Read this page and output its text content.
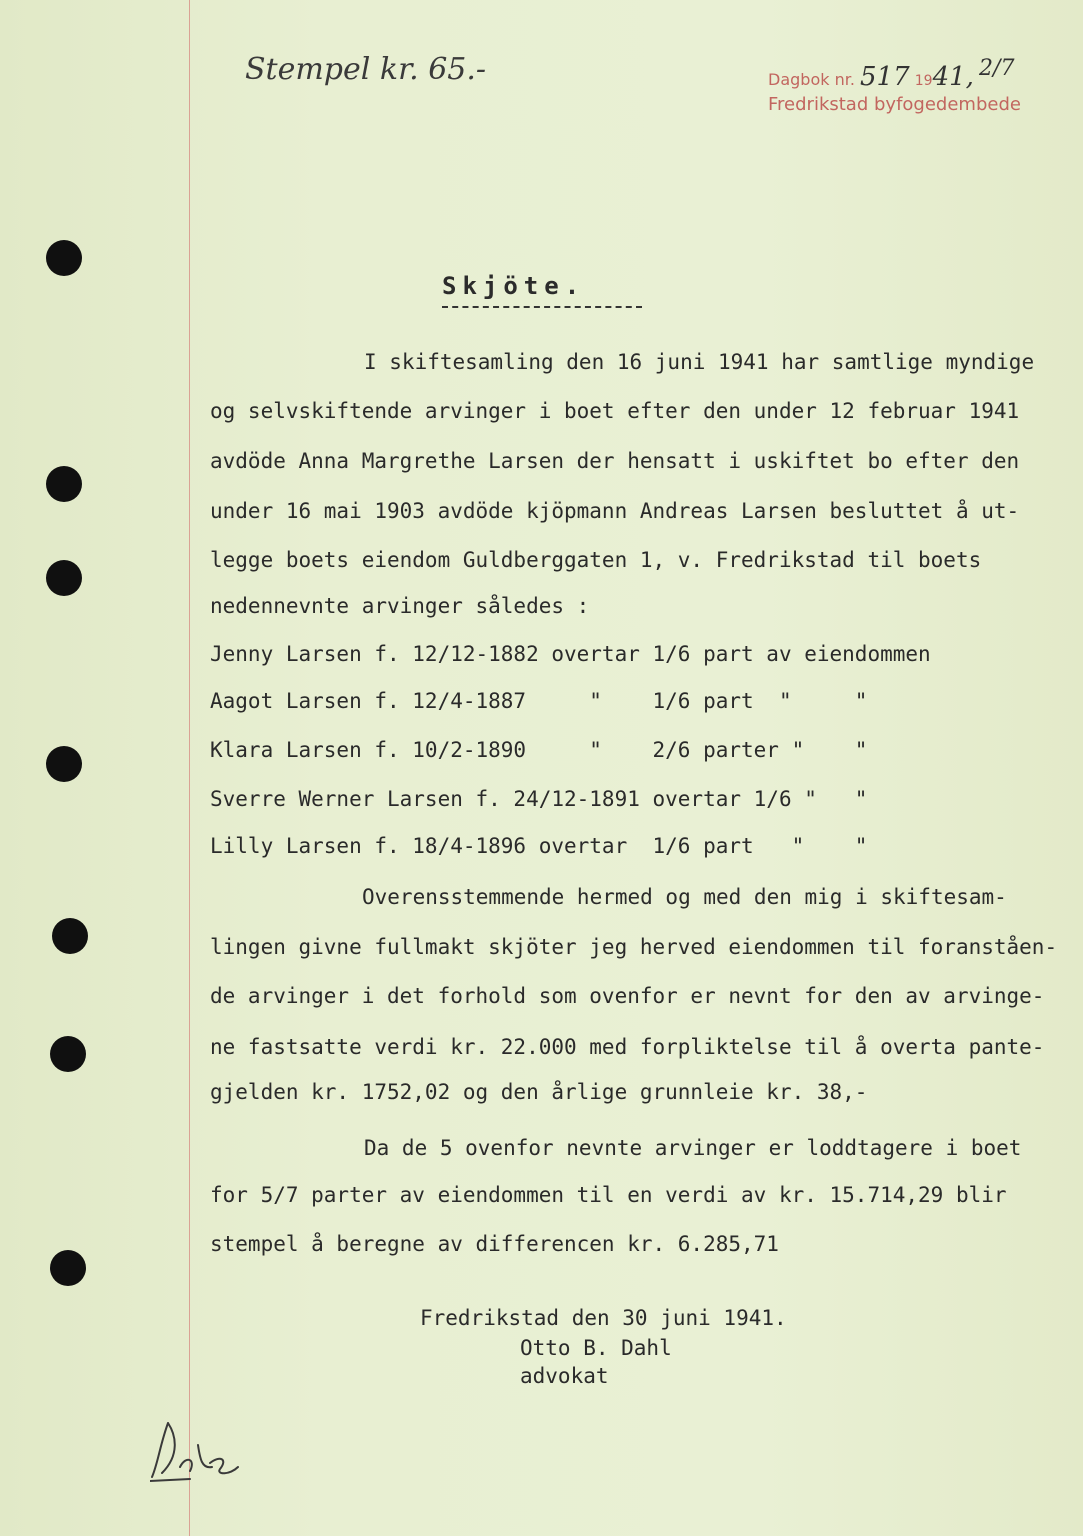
Stempel kr. 65.-	Dagbok nr. 517 1941, 2/7
Fredrikstad byfogedembede
Skjöte.
I skiftesamling den 16 juni 1941 har samtlige myndige
og selvskiftende arvinger i boet efter den under 12 februar 1941
avdöde Anna Margrethe Larsen der hensatt i uskiftet bo efter den
under 16 mai 1903 avdöde kjöpmann Andreas Larsen besluttet å ut-
legge boets eiendom Guldberggaten 1, v. Fredrikstad til boets
nedennevnte arvinger således :
Jenny Larsen f. 12/12-1882 overtar 1/6 part av eiendommen
Aagot Larsen f. 12/4-1887     "    1/6 part  "     "
Klara Larsen f. 10/2-1890     "    2/6 parter "    "
Sverre Werner Larsen f. 24/12-1891 overtar 1/6 "   "
Lilly Larsen f. 18/4-1896 overtar  1/6 part   "    "
Overensstemmende hermed og med den mig i skiftesam-
lingen givne fullmakt skjöter jeg herved eiendommen til foranståen-
de arvinger i det forhold som ovenfor er nevnt for den av arvinge-
ne fastsatte verdi kr. 22.000 med forpliktelse til å overta pante-
gjelden kr. 1752,02 og den årlige grunnleie kr. 38,-
Da de 5 ovenfor nevnte arvinger er loddtagere i boet
for 5/7 parter av eiendommen til en verdi av kr. 15.714,29 blir
stempel å beregne av differencen kr. 6.285,71
Fredrikstad den 30 juni 1941.
Otto B. Dahl
advokat
